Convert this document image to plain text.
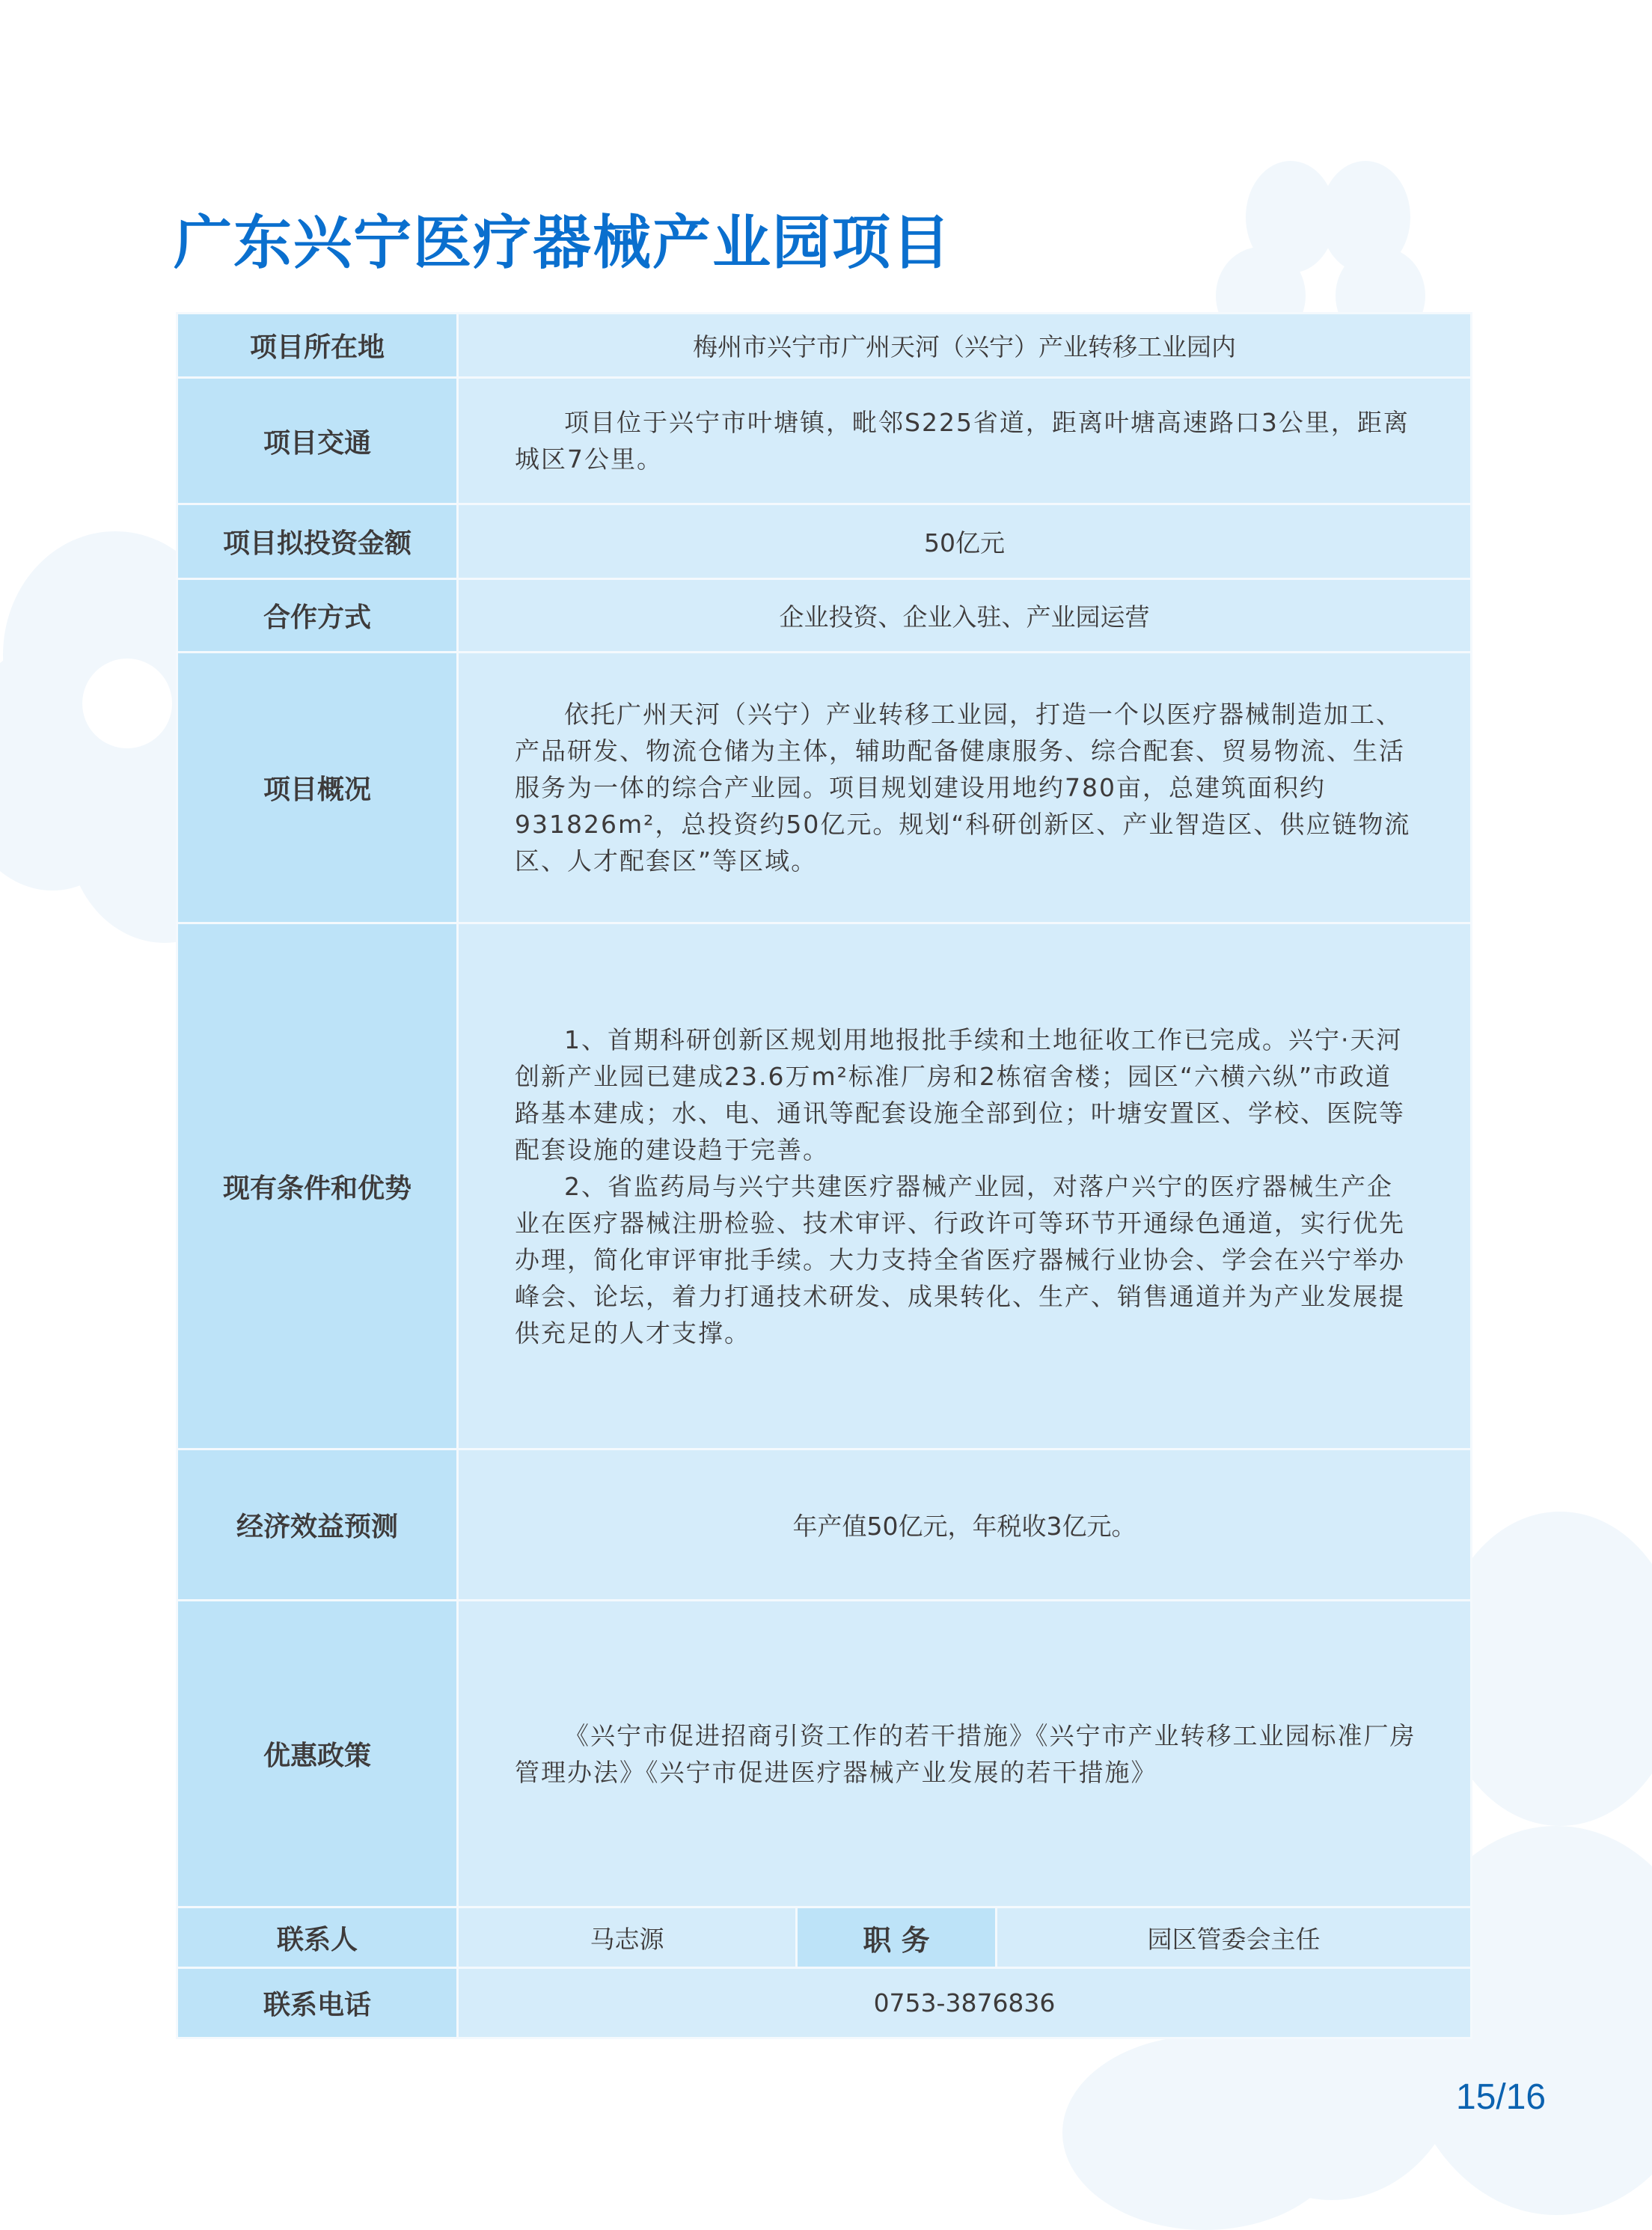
广东兴宁医疗器械产业园项目
项目所在地	梅州市兴宁市广州天河（兴宁）产业转移工业园内		
项目交通	项目位于兴宁市叶塘镇，毗邻S225省道，距离叶塘高速路口3公里，距离城区7公里。		

项目拟投资金额	50亿元		
合作方式	企业投资、企业入驻、产业园运营		
项目概况	依托广州天河（兴宁）产业转移工业园，打造一个以医疗器械制造加工、产品研发、物流仓储为主体，辅助配备健康服务、综合配套、贸易物流、生活服务为一体的综合产业园。项目规划建设用地约780亩，总建筑面积约931826m²，总投资约50亿元。规划“科研创新区、产业智造区、供应链物流区、人才配套区”等区域。		

现有条件和优势	1、首期科研创新区规划用地报批手续和土地征收工作已完成。兴宁·天河创新产业园已建成23.6万m²标准厂房和2栋宿舍楼；园区“六横六纵”市政道路基本建成；水、电、通讯等配套设施全部到位；叶塘安置区、学校、医院等配套设施的建设趋于完善。

2、省监药局与兴宁共建医疗器械产业园，对落户兴宁的医疗器械生产企业在医疗器械注册检验、技术审评、行政许可等环节开通绿色通道，实行优先办理，简化审评审批手续。大力支持全省医疗器械行业协会、学会在兴宁举办峰会、论坛，着力打通技术研发、成果转化、生产、销售通道并为产业发展提供充足的人才支撑。		

经济效益预测	年产值50亿元，年税收3亿元。		
优惠政策	《兴宁市促进招商引资工作的若干措施》《兴宁市产业转移工业园标准厂房管理办法》《兴宁市促进医疗器械产业发展的若干措施》		

联系人	马志源	职 务	园区管委会主任
联系电话	0753-3876836		
15/16
